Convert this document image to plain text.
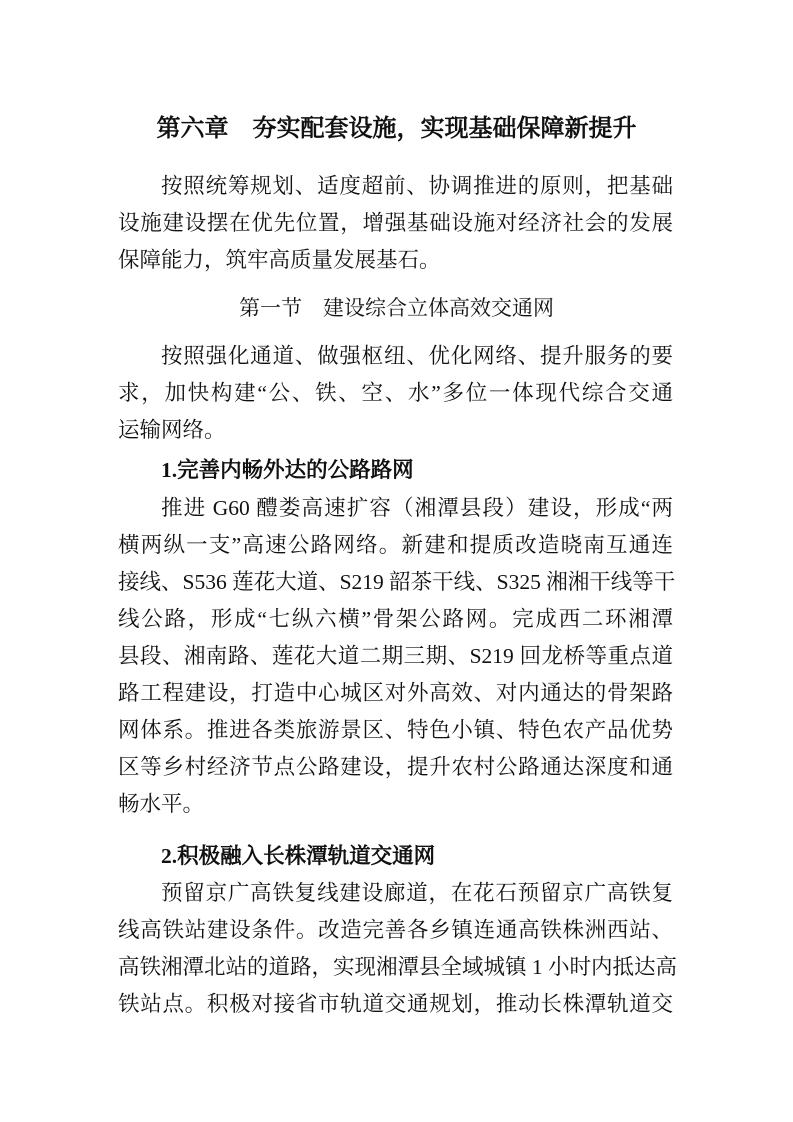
第六章　夯实配套设施，实现基础保障新提升
按照统筹规划、适度超前、协调推进的原则，把基础
设施建设摆在优先位置，增强基础设施对经济社会的发展
保障能力，筑牢高质量发展基石。
第一节　建设综合立体高效交通网
按照强化通道、做强枢纽、优化网络、提升服务的要
求，加快构建“公、铁、空、水”多位一体现代综合交通
运输网络。
1.完善内畅外达的公路路网
推进 G60 醴娄高速扩容（湘潭县段）建设，形成“两
横两纵一支”高速公路网络。新建和提质改造晓南互通连
接线、S536 莲花大道、S219 韶茶干线、S325 湘湘干线等干
线公路，形成“七纵六横”骨架公路网。完成西二环湘潭
县段、湘南路、莲花大道二期三期、S219 回龙桥等重点道
路工程建设，打造中心城区对外高效、对内通达的骨架路
网体系。推进各类旅游景区、特色小镇、特色农产品优势
区等乡村经济节点公路建设，提升农村公路通达深度和通
畅水平。
2.积极融入长株潭轨道交通网
预留京广高铁复线建设廊道，在花石预留京广高铁复
线高铁站建设条件。改造完善各乡镇连通高铁株洲西站、
高铁湘潭北站的道路，实现湘潭县全域城镇 1 小时内抵达高
铁站点。积极对接省市轨道交通规划，推动长株潭轨道交
